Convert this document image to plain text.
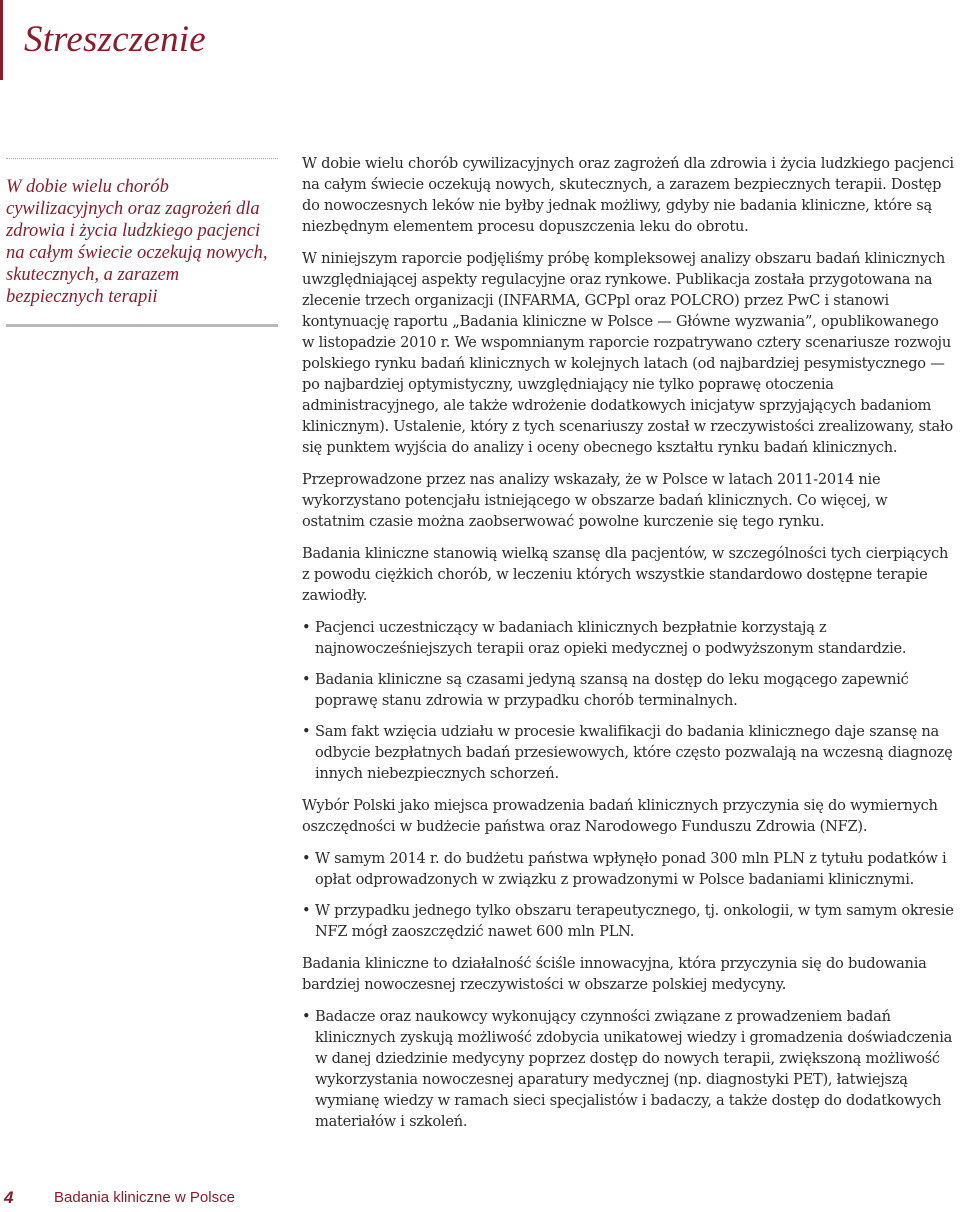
Streszczenie

W dobie wielu chorób cywilizacyjnych oraz zagrożeń dla zdrowia i życia ludzkiego pacjenci na całym świecie oczekują nowych, skutecznych, a zarazem bezpiecznych terapii

W dobie wielu chorób cywilizacyjnych oraz zagrożeń dla zdrowia i życia ludzkiego pacjenci na całym świecie oczekują nowych, skutecznych, a zarazem bezpiecznych terapii. Dostęp do nowoczesnych leków nie byłby jednak możliwy, gdyby nie badania kliniczne, które są niezbędnym elementem procesu dopuszczenia leku do obrotu.

W niniejszym raporcie podjęliśmy próbę kompleksowej analizy obszaru badań klinicznych uwzględniającej aspekty regulacyjne oraz rynkowe. Publikacja została przygotowana na zlecenie trzech organizacji (INFARMA, GCPpl oraz POLCRO) przez PwC i stanowi kontynuację raportu „Badania kliniczne w Polsce — Główne wyzwania”, opublikowanego w listopadzie 2010 r. We wspomnianym raporcie rozpatrywano cztery scenariusze rozwoju polskiego rynku badań klinicznych w kolejnych latach (od najbardziej pesymistycznego — po najbardziej optymistyczny, uwzględniający nie tylko poprawę otoczenia administracyjnego, ale także wdrożenie dodatkowych inicjatyw sprzyjających badaniom klinicznym). Ustalenie, który z tych scenariuszy został w rzeczywistości zrealizowany, stało się punktem wyjścia do analizy i oceny obecnego kształtu rynku badań klinicznych.

Przeprowadzone przez nas analizy wskazały, że w Polsce w latach 2011-2014 nie wykorzystano potencjału istniejącego w obszarze badań klinicznych. Co więcej, w ostatnim czasie można zaobserwować powolne kurczenie się tego rynku.

Badania kliniczne stanowią wielką szansę dla pacjentów, w szczególności tych cierpiących z powodu ciężkich chorób, w leczeniu których wszystkie standardowo dostępne terapie zawiodły.

• Pacjenci uczestniczący w badaniach klinicznych bezpłatnie korzystają z najnowocześniejszych terapii oraz opieki medycznej o podwyższonym standardzie.
• Badania kliniczne są czasami jedyną szansą na dostęp do leku mogącego zapewnić poprawę stanu zdrowia w przypadku chorób terminalnych.
• Sam fakt wzięcia udziału w procesie kwalifikacji do badania klinicznego daje szansę na odbycie bezpłatnych badań przesiewowych, które często pozwalają na wczesną diagnozę innych niebezpiecznych schorzeń.

Wybór Polski jako miejsca prowadzenia badań klinicznych przyczynia się do wymiernych oszczędności w budżecie państwa oraz Narodowego Funduszu Zdrowia (NFZ).

• W samym 2014 r. do budżetu państwa wpłynęło ponad 300 mln PLN z tytułu podatków i opłat odprowadzonych w związku z prowadzonymi w Polsce badaniami klinicznymi.
• W przypadku jednego tylko obszaru terapeutycznego, tj. onkologii, w tym samym okresie NFZ mógł zaoszczędzić nawet 600 mln PLN.

Badania kliniczne to działalność ściśle innowacyjna, która przyczynia się do budowania bardziej nowoczesnej rzeczywistości w obszarze polskiej medycyny.

• Badacze oraz naukowcy wykonujący czynności związane z prowadzeniem badań klinicznych zyskują możliwość zdobycia unikatowej wiedzy i gromadzenia doświadczenia w danej dziedzinie medycyny poprzez dostęp do nowych terapii, zwiększoną możliwość wykorzystania nowoczesnej aparatury medycznej (np. diagnostyki PET), łatwiejszą wymianę wiedzy w ramach sieci specjalistów i badaczy, a także dostęp do dodatkowych materiałów i szkoleń.
4	Badania kliniczne w Polsce
